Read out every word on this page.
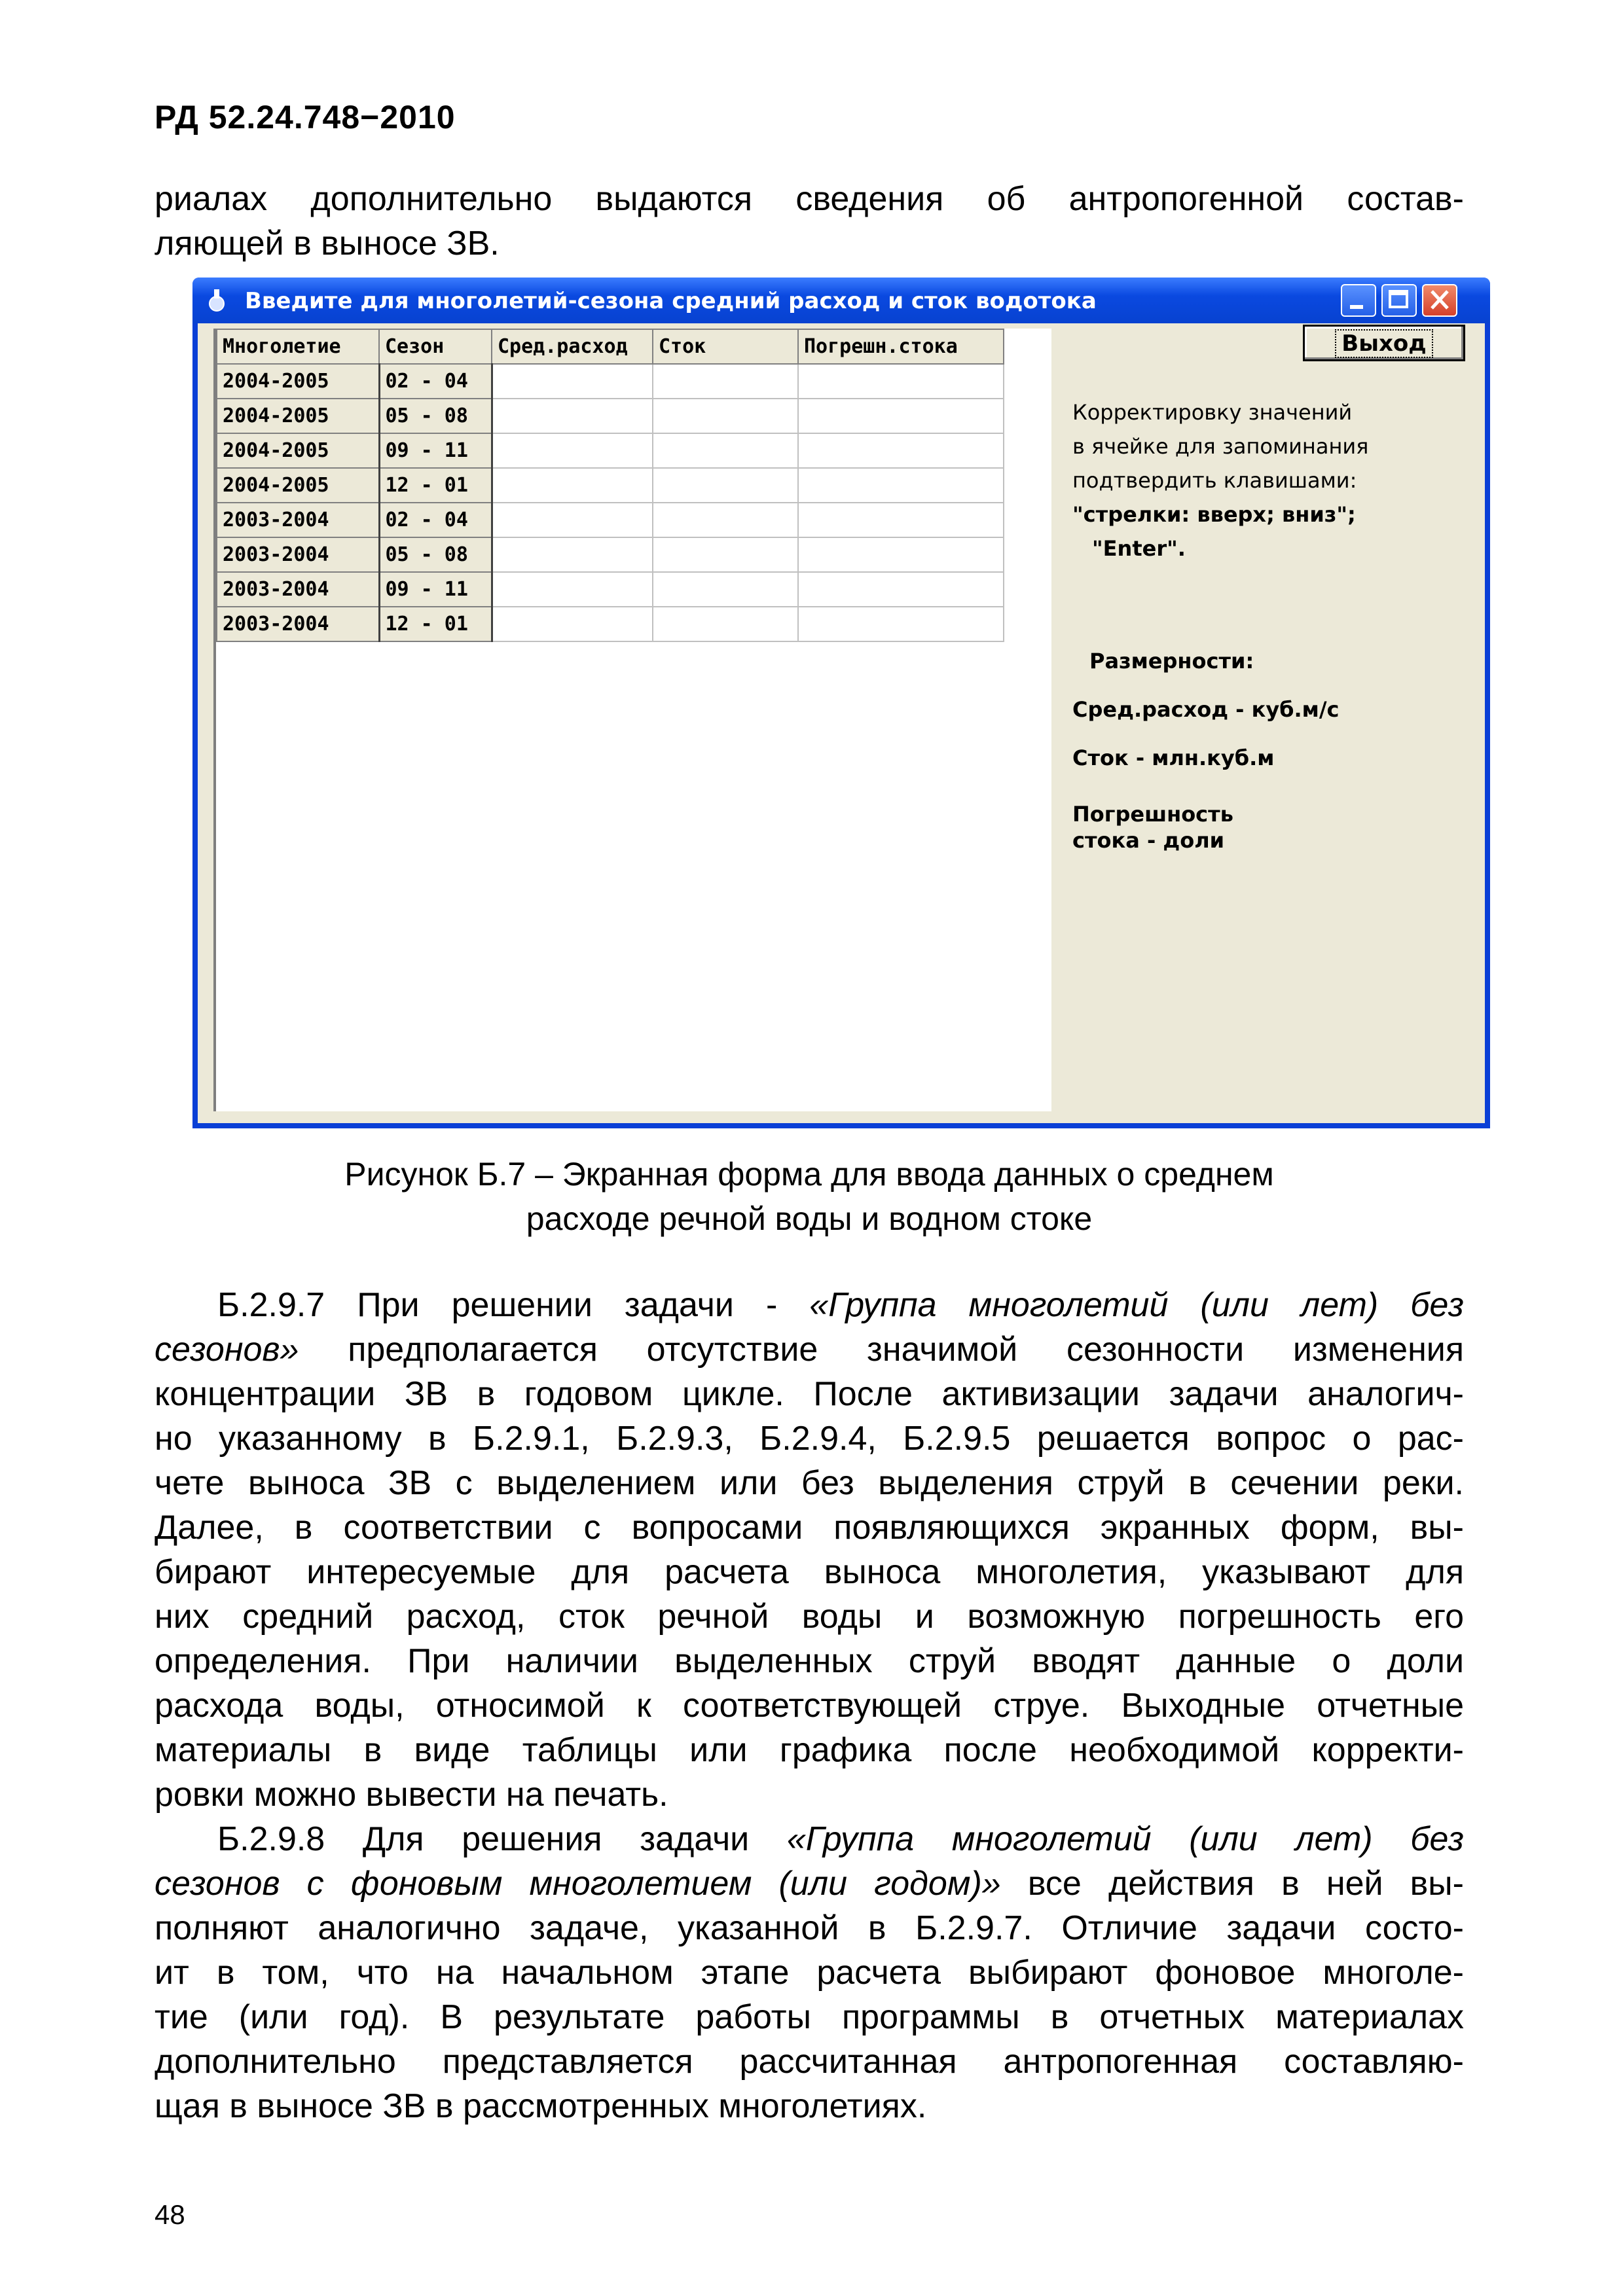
РД 52.24.748−2010
риалах дополнительно выдаются сведения об антропогенной состав-
ляющей в выносе ЗВ.
Введите для многолетий-сезона средний расход и сток водотока
Многолетие	Сезон	Сред.расход	Сток	Погрешн.стока
2004-2005	02 - 04			
2004-2005	05 - 08			
2004-2005	09 - 11			
2004-2005	12 - 01			
2003-2004	02 - 04			
2003-2004	05 - 08			
2003-2004	09 - 11			
2003-2004	12 - 01			
Выход
Корректировку значений
в ячейке для запоминания
подтвердить клавишами:
"стрелки: вверх; вниз";
"Enter".
Размерности:
Сред.расход - куб.м/с
Сток - млн.куб.м
Погрешность
стока - доли
Рисунок Б.7 – Экранная форма для ввода данных о среднем
расходе речной воды и водном стоке
Б.2.9.7 При решении задачи - «Группа многолетий (или лет) без
сезонов» предполагается отсутствие значимой сезонности изменения
концентрации ЗВ в годовом цикле. После активизации задачи аналогич-
но указанному в Б.2.9.1, Б.2.9.3, Б.2.9.4, Б.2.9.5 решается вопрос о рас-
чете выноса ЗВ с выделением или без выделения струй в сечении реки.
Далее, в соответствии с вопросами появляющихся экранных форм, вы-
бирают интересуемые для расчета выноса многолетия, указывают для
них средний расход, сток речной воды и возможную погрешность его
определения. При наличии выделенных струй вводят данные о доли
расхода воды, относимой к соответствующей струе. Выходные отчетные
материалы в виде таблицы или графика после необходимой корректи-
ровки можно вывести на печать.
Б.2.9.8 Для решения задачи «Группа многолетий (или лет) без
сезонов с фоновым многолетием (или годом)» все действия в ней вы-
полняют аналогично задаче, указанной в Б.2.9.7. Отличие задачи состо-
ит в том, что на начальном этапе расчета выбирают фоновое многоле-
тие (или год). В результате работы программы в отчетных материалах
дополнительно представляется рассчитанная антропогенная составляю-
щая в выносе ЗВ в рассмотренных многолетиях.
48
